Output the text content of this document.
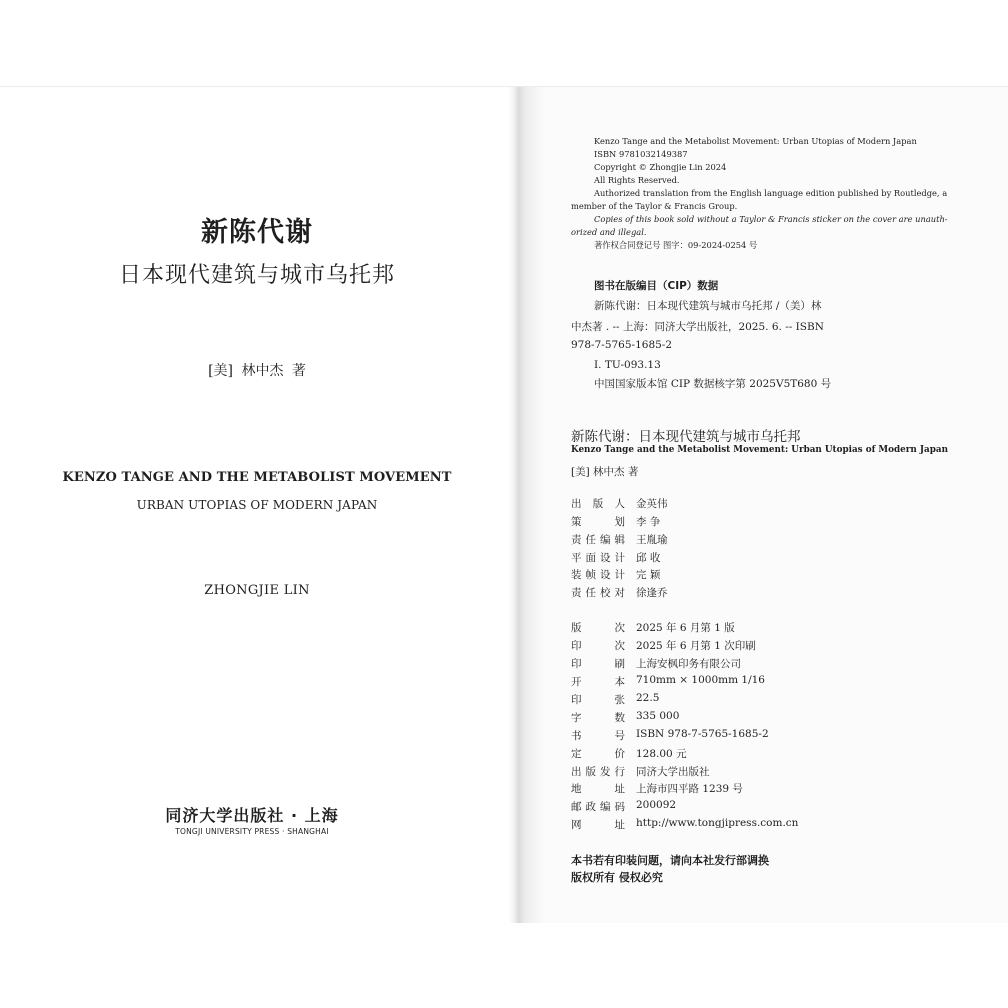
新陈代谢
日本现代建筑与城市乌托邦
[美] 林中杰 著
KENZO TANGE AND THE METABOLIST MOVEMENT
URBAN UTOPIAS OF MODERN JAPAN
ZHONGJIE LIN
同济大学出版社 · 上海
TONGJI UNIVERSITY PRESS · SHANGHAI
Kenzo Tange and the Metabolist Movement: Urban Utopias of Modern Japan
ISBN 9781032149387
Copyright © Zhongjie Lin 2024
All Rights Reserved.
Authorized translation from the English language edition published by Routledge, a
member of the Taylor & Francis Group.
Copies of this book sold without a Taylor & Francis sticker on the cover are unauth-
orized and illegal.
著作权合同登记号 图字：09-2024-0254 号
图书在版编目（CIP）数据
新陈代谢：日本现代建筑与城市乌托邦 /（美）林
中杰著 . -- 上海：同济大学出版社，2025. 6. -- ISBN
978-7-5765-1685-2
Ⅰ. TU-093.13
中国国家版本馆 CIP 数据核字第 2025V5T680 号
新陈代谢：日本现代建筑与城市乌托邦
Kenzo Tange and the Metabolist Movement: Urban Utopias of Modern Japan
[美] 林中杰 著
出 版 人 金英伟
策	划 李 争
责 任 编 辑 王胤瑜
平 面 设 计 邱 收
装 帧 设 计 完 颖
责 任 校 对 徐逢乔
版	次 2025 年 6 月第 1 版
印	次 2025 年 6 月第 1 次印刷
印	刷 上海安枫印务有限公司
开	本 710mm × 1000mm 1/16
印	张 22.5
字	数 335 000
书	号 ISBN 978-7-5765-1685-2
定	价 128.00 元
出 版 发 行 同济大学出版社
地	址 上海市四平路 1239 号
邮 政 编 码 200092
网	址 http://www.tongjipress.com.cn
本书若有印装问题，请向本社发行部调换
版权所有 侵权必究
